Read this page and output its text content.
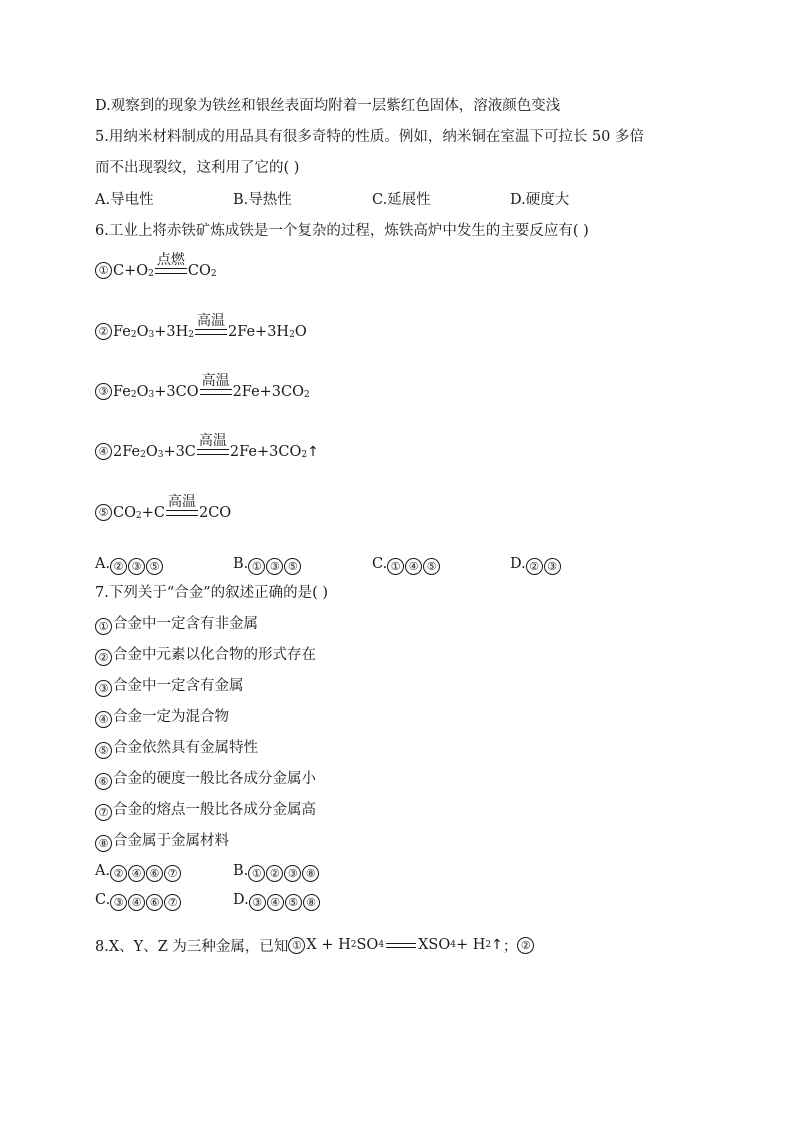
D.观察到的现象为铁丝和银丝表面均附着一层紫红色固体，溶液颜色变浅
5.用纳米材料制成的用品具有很多奇特的性质。例如，纳米铜在室温下可拉长 50 多倍
而不出现裂纹，这利用了它的( )
A.导电性	B.导热性	C.延展性	D.硬度大
6.工业上将赤铁矿炼成铁是一个复杂的过程，炼铁高炉中发生的主要反应有( )
① $C+O_2$
点燃
$CO_2$
② $Fe_2$ $O_3 +3H_2$
高温
$2Fe+3H_2$ O
③ $Fe_2$ $O_3 +3CO$
高温
$2Fe+3CO_2$
④ $2Fe_2$ $O_3 +3C$
高温
$2Fe+3CO_2$ ↑
⑤ $CO_2 +C$
高温
2CO
A. ② ③ ⑤	B. ① ③ ⑤	C. ① ④ ⑤	D. ② ③
7.下列关于“合金”的叙述正确的是( )
① 合金中一定含有非金属
② 合金中元素以化合物的形式存在
③ 合金中一定含有金属
④ 合金一定为混合物
⑤ 合金依然具有金属特性
⑥ 合金的硬度一般比各成分金属小
⑦ 合金的熔点一般比各成分金属高
⑧ 合金属于金属材料
A. ② ④ ⑥ ⑦	B. ① ② ③ ⑧
C. ③ ④ ⑥ ⑦	D. ③ ④ ⑤ ⑧
8.X、Y、Z 为三种金属，已知 ① X + H 2 SO 4 XSO 4 + H 2 ↑ ； ②
